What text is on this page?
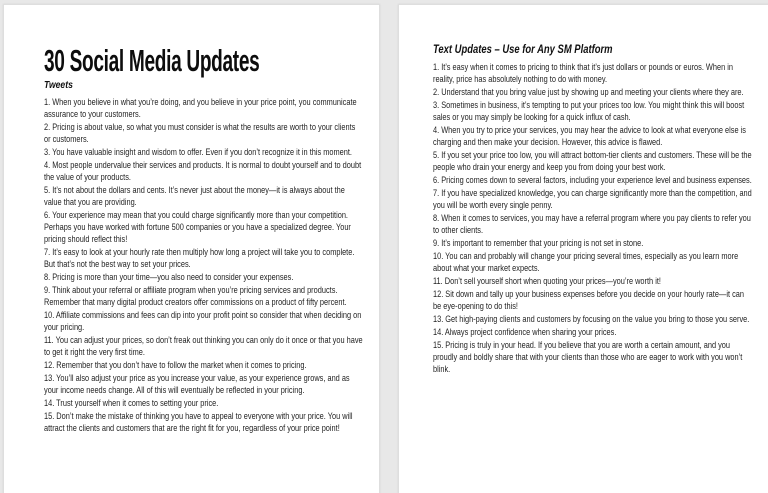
30 Social Media Updates
Tweets

1. When you believe in what you’re doing, and you believe in your price point, you communicate assurance to your customers.

2. Pricing is about value, so what you must consider is what the results are worth to your clients or customers.

3. You have valuable insight and wisdom to offer. Even if you don’t recognize it in this moment.

4. Most people undervalue their services and products. It is normal to doubt yourself and to doubt the value of your products.

5. It’s not about the dollars and cents. It’s never just about the money—it is always about the value that you are providing.

6. Your experience may mean that you could charge significantly more than your competition. Perhaps you have worked with fortune 500 companies or you have a specialized degree. Your pricing should reflect this!

7. It’s easy to look at your hourly rate then multiply how long a project will take you to complete. But that’s not the best way to set your prices.

8. Pricing is more than your time—you also need to consider your expenses.

9. Think about your referral or affiliate program when you’re pricing services and products. Remember that many digital product creators offer commissions on a product of fifty percent.

10. Affiliate commissions and fees can dip into your profit point so consider that when deciding on your pricing.

11. You can adjust your prices, so don’t freak out thinking you can only do it once or that you have to get it right the very first time.

12. Remember that you don’t have to follow the market when it comes to pricing.

13. You’ll also adjust your price as you increase your value, as your experience grows, and as your income needs change. All of this will eventually be reflected in your pricing.

14. Trust yourself when it comes to setting your price.

15. Don’t make the mistake of thinking you have to appeal to everyone with your price. You will attract the clients and customers that are the right fit for you, regardless of your price point!

Text Updates – Use for Any SM Platform

1. It’s easy when it comes to pricing to think that it’s just dollars or pounds or euros. When in reality, price has absolutely nothing to do with money.

2. Understand that you bring value just by showing up and meeting your clients where they are.

3. Sometimes in business, it’s tempting to put your prices too low. You might think this will boost sales or you may simply be looking for a quick influx of cash.

4. When you try to price your services, you may hear the advice to look at what everyone else is charging and then make your decision. However, this advice is flawed.

5. If you set your price too low, you will attract bottom-tier clients and customers. These will be the people who drain your energy and keep you from doing your best work.

6. Pricing comes down to several factors, including your experience level and business expenses.

7. If you have specialized knowledge, you can charge significantly more than the competition, and you will be worth every single penny.

8. When it comes to services, you may have a referral program where you pay clients to refer you to other clients.

9. It’s important to remember that your pricing is not set in stone.

10. You can and probably will change your pricing several times, especially as you learn more about what your market expects.

11. Don’t sell yourself short when quoting your prices—you’re worth it!

12. Sit down and tally up your business expenses before you decide on your hourly rate—it can be eye-opening to do this!

13. Get high-paying clients and customers by focusing on the value you bring to those you serve.

14. Always project confidence when sharing your prices.

15. Pricing is truly in your head. If you believe that you are worth a certain amount, and you proudly and boldly share that with your clients than those who are eager to work with you won’t blink.
